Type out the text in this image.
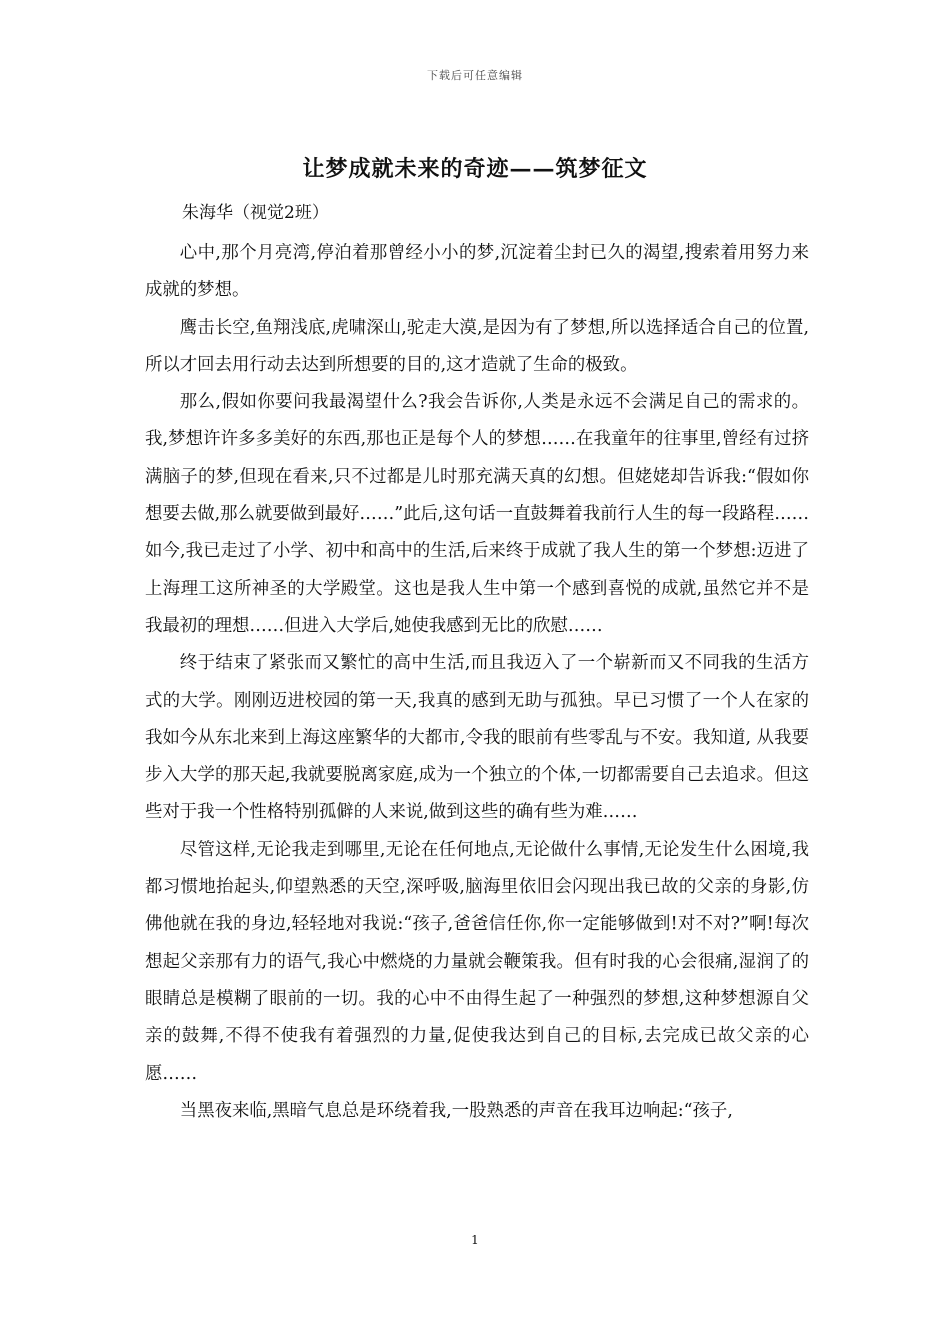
下载后可任意编辑
让梦成就未来的奇迹——筑梦征文
朱海华（视觉2班）

心中,那个月亮湾,停泊着那曾经小小的梦,沉淀着尘封已久的渴望,搜索着用努力来成就的梦想。

鹰击长空,鱼翔浅底,虎啸深山,驼走大漠,是因为有了梦想,所以选择适合自己的位置,所以才回去用行动去达到所想要的目的,这才造就了生命的极致。

那么,假如你要问我最渴望什么?我会告诉你,人类是永远不会满足自己的需求的。我,梦想许许多多美好的东西,那也正是每个人的梦想……在我童年的往事里,曾经有过挤满脑子的梦,但现在看来,只不过都是儿时那充满天真的幻想。但姥姥却告诉我:“假如你想要去做,那么就要做到最好……”此后,这句话一直鼓舞着我前行人生的每一段路程……如今,我已走过了小学、初中和高中的生活,后来终于成就了我人生的第一个梦想:迈进了上海理工这所神圣的大学殿堂。这也是我人生中第一个感到喜悦的成就,虽然它并不是我最初的理想……但进入大学后,她使我感到无比的欣慰……

终于结束了紧张而又繁忙的高中生活,而且我迈入了一个崭新而又不同我的生活方式的大学。刚刚迈进校园的第一天,我真的感到无助与孤独。早已习惯了一个人在家的我如今从东北来到上海这座繁华的大都市,令我的眼前有些零乱与不安。我知道, 从我要步入大学的那天起,我就要脱离家庭,成为一个独立的个体,一切都需要自己去追求。但这些对于我一个性格特别孤僻的人来说,做到这些的确有些为难……

尽管这样,无论我走到哪里,无论在任何地点,无论做什么事情,无论发生什么困境,我都习惯地抬起头,仰望熟悉的天空,深呼吸,脑海里依旧会闪现出我已故的父亲的身影,仿佛他就在我的身边,轻轻地对我说:“孩子,爸爸信任你,你一定能够做到!对不对?”啊!每次想起父亲那有力的语气,我心中燃烧的力量就会鞭策我。但有时我的心会很痛,湿润了的眼睛总是模糊了眼前的一切。我的心中不由得生起了一种强烈的梦想,这种梦想源自父亲的鼓舞,不得不使我有着强烈的力量,促使我达到自己的目标,去完成已故父亲的心愿……

当黑夜来临,黑暗气息总是环绕着我,一股熟悉的声音在我耳边响起:“孩子,

1
